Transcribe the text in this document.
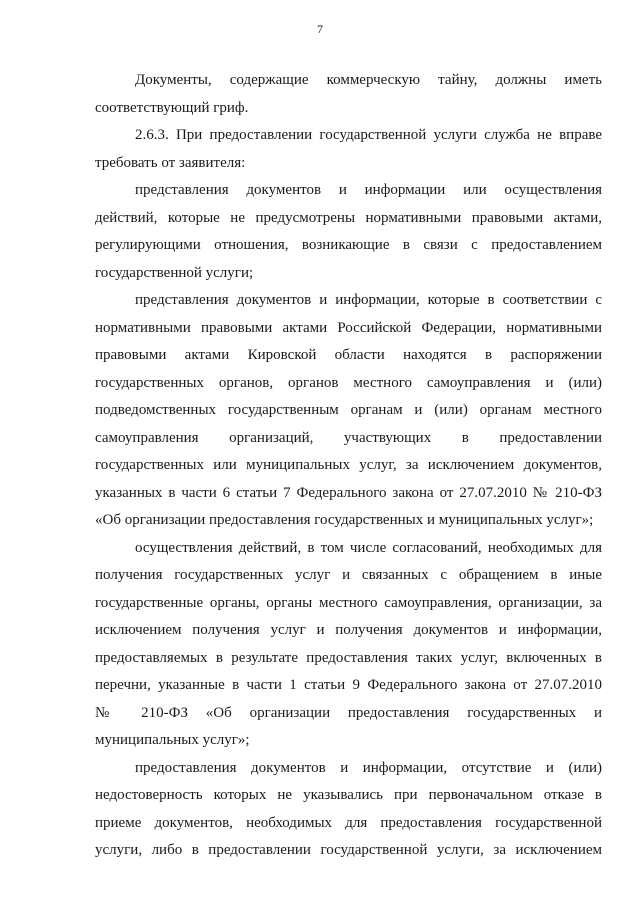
7

Документы, содержащие коммерческую тайну, должны иметь
соответствующий гриф.

2.6.3. При предоставлении государственной услуги служба не вправе
требовать от заявителя:

представления документов и информации или осуществления
действий, которые не предусмотрены нормативными правовыми актами,
регулирующими отношения, возникающие в связи с предоставлением
государственной услуги;

представления документов и информации, которые в соответствии с
нормативными правовыми актами Российской Федерации, нормативными
правовыми актами Кировской области находятся в распоряжении
государственных органов, органов местного самоуправления и (или)
подведомственных государственным органам и (или) органам местного
самоуправления организаций, участвующих в предоставлении
государственных или муниципальных услуг, за исключением документов,
указанных в части 6 статьи 7 Федерального закона от 27.07.2010 № 210-ФЗ
«Об организации предоставления государственных и муниципальных услуг»;

осуществления действий, в том числе согласований, необходимых для
получения государственных услуг и связанных с обращением в иные
государственные органы, органы местного самоуправления, организации, за
исключением получения услуг и получения документов и информации,
предоставляемых в результате предоставления таких услуг, включенных в
перечни, указанные в части 1 статьи 9 Федерального закона от 27.07.2010
№ 210-ФЗ «Об организации предоставления государственных и
муниципальных услуг»;

предоставления документов и информации, отсутствие и (или)
недостоверность которых не указывались при первоначальном отказе в
приеме документов, необходимых для предоставления государственной
услуги, либо в предоставлении государственной услуги, за исключением
